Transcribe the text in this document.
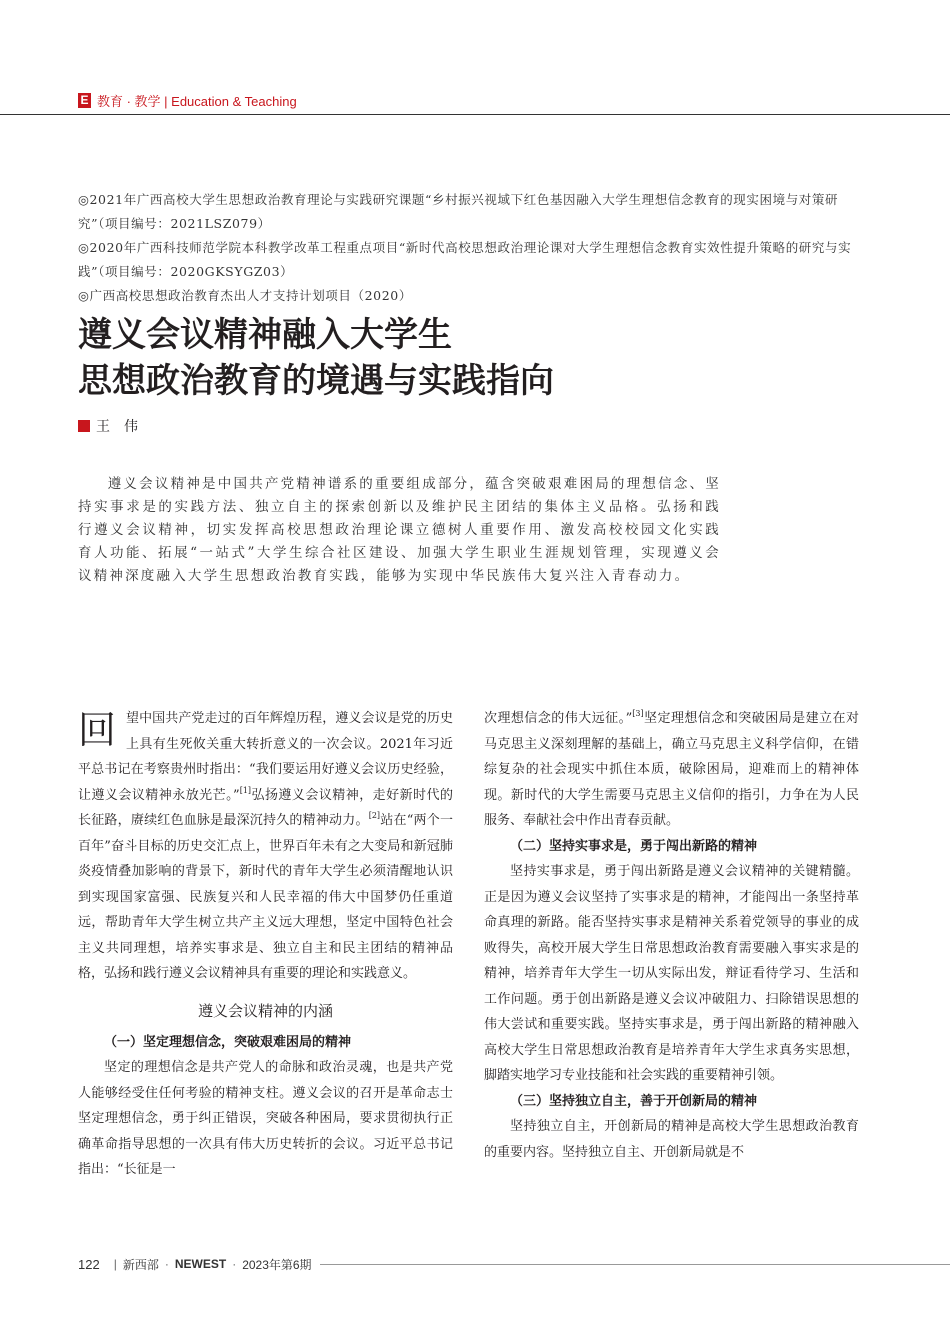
E 教育 · 教学 | Education & Teaching

◎2021年广西高校大学生思想政治教育理论与实践研究课题“乡村振兴视域下红色基因融入大学生理想信念教育的现实困境与对策研究”（项目编号：2021LSZ079）

◎2020年广西科技师范学院本科教学改革工程重点项目“新时代高校思想政治理论课对大学生理想信念教育实效性提升策略的研究与实践”（项目编号：2020GKSYGZ03）

◎广西高校思想政治教育杰出人才支持计划项目（2020）

遵义会议精神融入大学生
思想政治教育的境遇与实践指向
王　伟

遵义会议精神是中国共产党精神谱系的重要组成部分，蕴含突破艰难困局的理想信念、坚持实事求是的实践方法、独立自主的探索创新以及维护民主团结的集体主义品格。弘扬和践行遵义会议精神，切实发挥高校思想政治理论课立德树人重要作用、激发高校校园文化实践育人功能、拓展“一站式”大学生综合社区建设、加强大学生职业生涯规划管理，实现遵义会议精神深度融入大学生思想政治教育实践，能够为实现中华民族伟大复兴注入青春动力。

回望中国共产党走过的百年辉煌历程，遵义会议是党的历史上具有生死攸关重大转折意义的一次会议。2021年习近平总书记在考察贵州时指出：“我们要运用好遵义会议历史经验，让遵义会议精神永放光芒。”[1]弘扬遵义会议精神，走好新时代的长征路，赓续红色血脉是最深沉持久的精神动力。[2]站在“两个一百年”奋斗目标的历史交汇点上，世界百年未有之大变局和新冠肺炎疫情叠加影响的背景下，新时代的青年大学生必须清醒地认识到实现国家富强、民族复兴和人民幸福的伟大中国梦仍任重道远，帮助青年大学生树立共产主义远大理想，坚定中国特色社会主义共同理想，培养实事求是、独立自主和民主团结的精神品格，弘扬和践行遵义会议精神具有重要的理论和实践意义。

遵义会议精神的内涵

（一）坚定理想信念，突破艰难困局的精神

坚定的理想信念是共产党人的命脉和政治灵魂，也是共产党人能够经受住任何考验的精神支柱。遵义会议的召开是革命志士坚定理想信念，勇于纠正错误，突破各种困局，要求贯彻执行正确革命指导思想的一次具有伟大历史转折的会议。习近平总书记指出：“长征是一

次理想信念的伟大远征。”[3]坚定理想信念和突破困局是建立在对马克思主义深刻理解的基础上，确立马克思主义科学信仰，在错综复杂的社会现实中抓住本质，破除困局，迎难而上的精神体现。新时代的大学生需要马克思主义信仰的指引，力争在为人民服务、奉献社会中作出青春贡献。

（二）坚持实事求是，勇于闯出新路的精神

坚持实事求是，勇于闯出新路是遵义会议精神的关键精髓。正是因为遵义会议坚持了实事求是的精神，才能闯出一条坚持革命真理的新路。能否坚持实事求是精神关系着党领导的事业的成败得失，高校开展大学生日常思想政治教育需要融入事实求是的精神，培养青年大学生一切从实际出发，辩证看待学习、生活和工作问题。勇于创出新路是遵义会议冲破阻力、扫除错误思想的伟大尝试和重要实践。坚持实事求是，勇于闯出新路的精神融入高校大学生日常思想政治教育是培养青年大学生求真务实思想，脚踏实地学习专业技能和社会实践的重要精神引领。

（三）坚持独立自主，善于开创新局的精神

坚持独立自主，开创新局的精神是高校大学生思想政治教育的重要内容。坚持独立自主、开创新局就是不

122 | 新西部 · NEWEST · 2023年第6期
